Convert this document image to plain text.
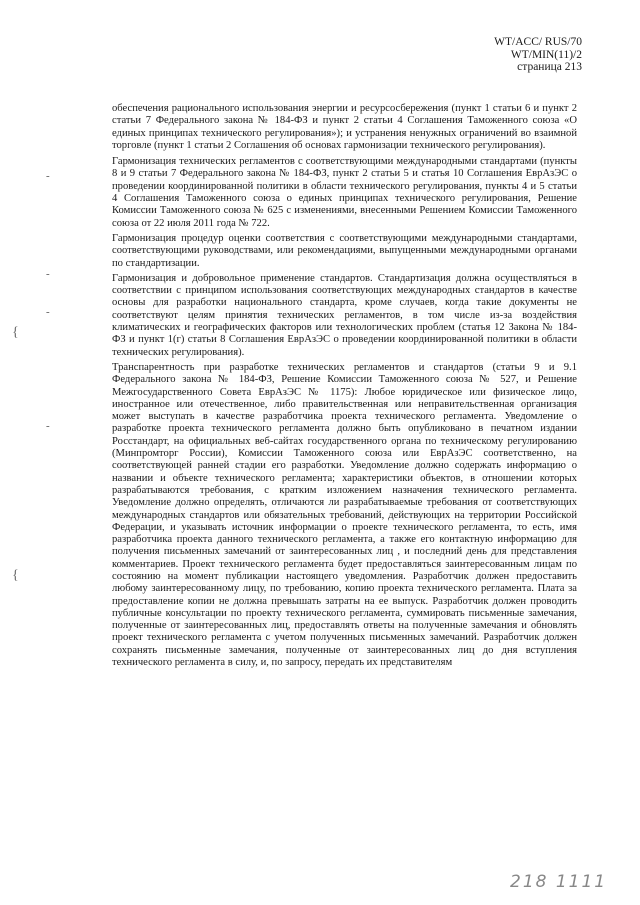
WT/ACC/ RUS/70
WT/MIN(11)/2
страница 213
-
-
-
-
{
{

обеспечения рационального использования энергии и ресурсосбережения (пункт 1 статьи 6 и пункт 2 статьи 7 Федерального закона № 184-ФЗ и пункт 2 статьи 4 Соглашения Таможенного союза «О единых принципах технического регулирования»); и устранения ненужных ограничений во взаимной торговле (пункт 1 статьи 2 Соглашения об основах гармонизации технического регулирования).

Гармонизация технических регламентов с соответствующими международными стандартами (пункты 8 и 9 статьи 7 Федерального закона № 184-ФЗ, пункт 2 статьи 5 и статья 10 Соглашения ЕврАзЭС о проведении координированной политики в области технического регулирования, пункты 4 и 5 статьи 4 Соглашения Таможенного союза о единых принципах технического регулирования, Решение Комиссии Таможенного союза № 625 с изменениями, внесенными Решением Комиссии Таможенного союза от 22 июля 2011 года № 722.

Гармонизация процедур оценки соответствия с соответствующими международными стандартами, соответствующими руководствами, или рекомендациями, выпущенными международными органами по стандартизации.

Гармонизация и добровольное применение стандартов. Стандартизация должна осуществляться в соответствии с принципом использования соответствующих международных стандартов в качестве основы для разработки национального стандарта, кроме случаев, когда такие документы не соответствуют целям принятия технических регламентов, в том числе из-за воздействия климатических и географических факторов или технологических проблем (статья 12 Закона № 184-ФЗ и пункт 1(г) статьи 8 Соглашения ЕврАзЭС о проведении координированной политики в области технических регулирования).

Транспарентность при разработке технических регламентов и стандартов (статьи 9 и 9.1 Федерального закона № 184-ФЗ, Решение Комиссии Таможенного союза № 527, и Решение Межгосударственного Совета ЕврАзЭС № 1175): Любое юридическое или физическое лицо, иностранное или отечественное, либо правительственная или неправительственная организация может выступать в качестве разработчика проекта технического регламента. Уведомление о разработке проекта технического регламента должно быть опубликовано в печатном издании Росстандарт, на официальных веб-сайтах государственного органа по техническому регулированию (Минпромторг России), Комиссии Таможенного союза или ЕврАзЭС соответственно, на соответствующей ранней стадии его разработки. Уведомление должно содержать информацию о названии и объекте технического регламента; характеристики объектов, в отношении которых разрабатываются требования, с кратким изложением назначения технического регламента. Уведомление должно определять, отличаются ли разрабатываемые требования от соответствующих международных стандартов или обязательных требований, действующих на территории Российской Федерации, и указывать источник информации о проекте технического регламента, то есть, имя разработчика проекта данного технического регламента, а также его контактную информацию для получения письменных замечаний от заинтересованных лиц , и последний день для представления комментариев. Проект технического регламента будет предоставляться заинтересованным лицам по состоянию на момент публикации настоящего уведомления. Разработчик должен предоставить любому заинтересованному лицу, по требованию, копию проекта технического регламента. Плата за предоставление копии не должна превышать затраты на ее выпуск. Разработчик должен проводить публичные консультации по проекту технического регламента, суммировать письменные замечания, полученные от заинтересованных лиц, предоставлять ответы на полученные замечания и обновлять проект технического регламента с учетом полученных письменных замечаний. Разработчик должен сохранять письменные замечания, полученные от заинтересованных лиц до дня вступления технического регламента в силу, и, по запросу, передать их представителям

218 1111
